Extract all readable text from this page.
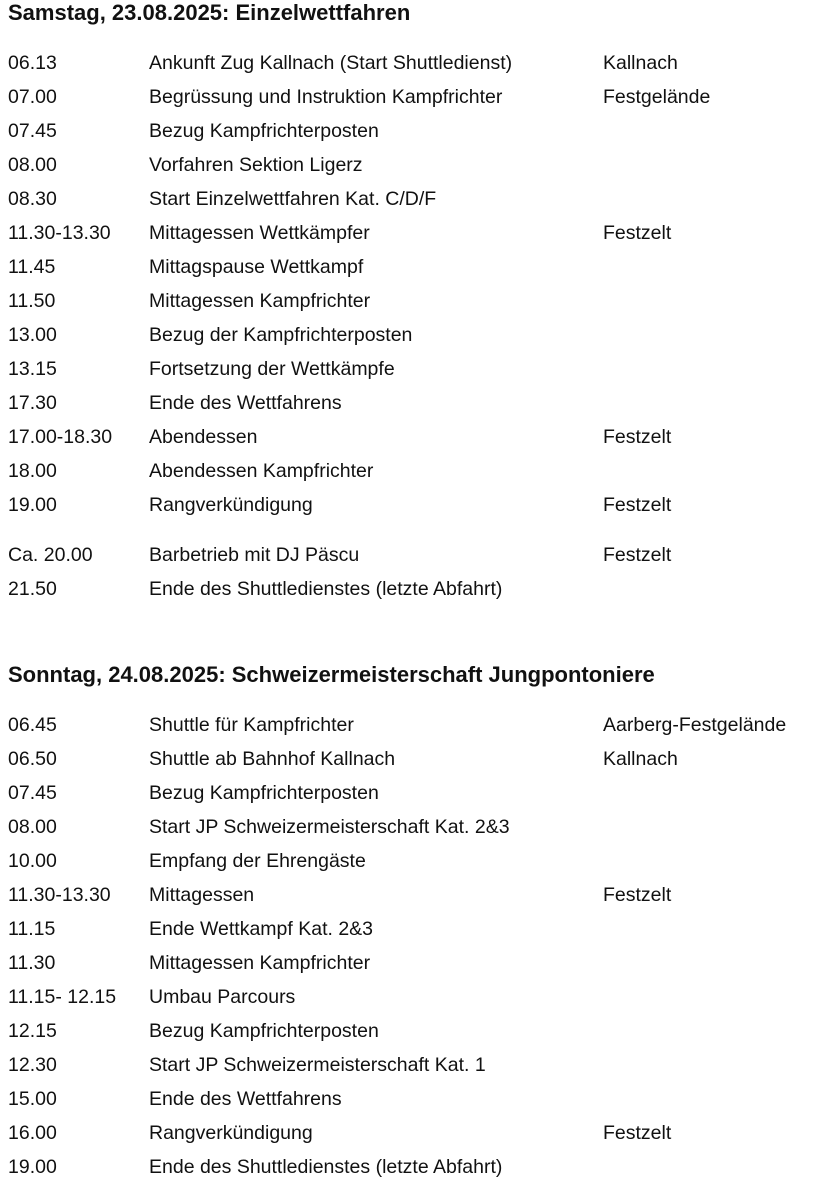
Samstag, 23.08.2025: Einzelwettfahren
06.13	Ankunft Zug Kallnach (Start Shuttledienst)	Kallnach
07.00	Begrüssung und Instruktion Kampfrichter	Festgelände
07.45	Bezug Kampfrichterposten
08.00	Vorfahren Sektion Ligerz
08.30	Start Einzelwettfahren Kat. C/D/F
11.30-13.30	Mittagessen Wettkämpfer	Festzelt
11.45	Mittagspause Wettkampf
11.50	Mittagessen Kampfrichter
13.00	Bezug der Kampfrichterposten
13.15	Fortsetzung der Wettkämpfe
17.30	Ende des Wettfahrens
17.00-18.30	Abendessen	Festzelt
18.00	Abendessen Kampfrichter
19.00	Rangverkündigung	Festzelt
Ca. 20.00	Barbetrieb mit DJ Päscu	Festzelt
21.50	Ende des Shuttledienstes (letzte Abfahrt)
Sonntag, 24.08.2025: Schweizermeisterschaft Jungpontoniere
06.45	Shuttle für Kampfrichter	Aarberg-Festgelände
06.50	Shuttle ab Bahnhof Kallnach	Kallnach
07.45	Bezug Kampfrichterposten
08.00	Start JP Schweizermeisterschaft Kat. 2&3
10.00	Empfang der Ehrengäste
11.30-13.30	Mittagessen	Festzelt
11.15	Ende Wettkampf Kat. 2&3
11.30	Mittagessen Kampfrichter
11.15- 12.15	Umbau Parcours
12.15	Bezug Kampfrichterposten
12.30	Start JP Schweizermeisterschaft Kat. 1
15.00	Ende des Wettfahrens
16.00	Rangverkündigung	Festzelt
19.00	Ende des Shuttledienstes (letzte Abfahrt)
